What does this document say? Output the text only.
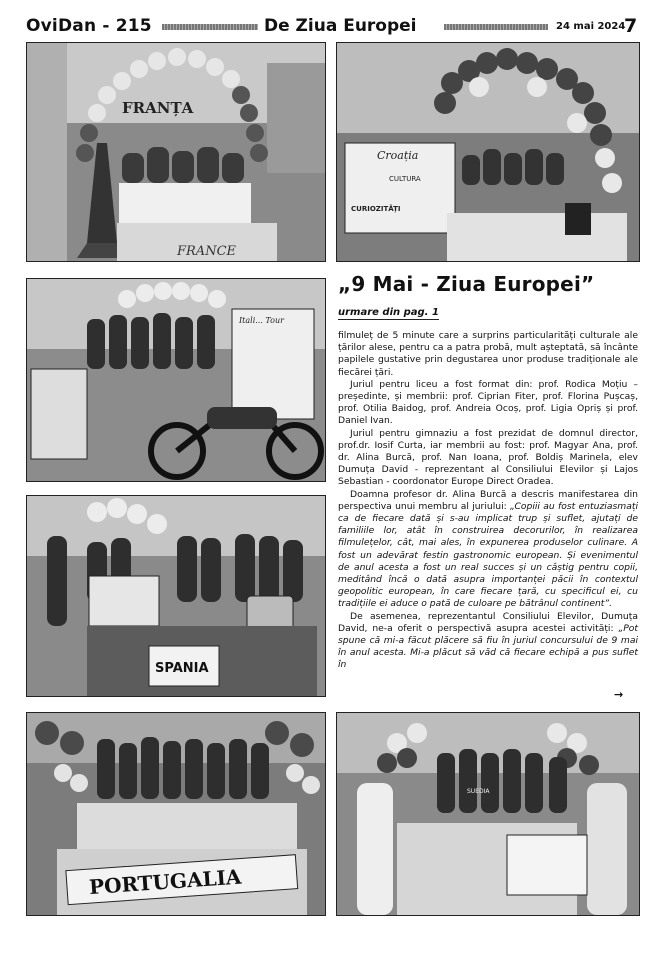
OviDan - 215	De Ziua Europei	24 mai 2024
7
FRANȚA
FRANCE
Croația
CULTURA
CURIOZITĂȚI
Itali... Tour
SPANIA
PORTUGALIA
SUEDIA
„9 Mai - Ziua Europei”
urmare din pag. 1

filmuleț de 5 minute care a surprins particularități culturale ale țărilor alese, pentru ca a patra probă, mult așteptată, să încânte papilele gustative prin degustarea unor produse tradiționale ale fiecărei țări.

Juriul pentru liceu a fost format din: prof. Rodica Moțiu – președinte, și membrii: prof. Ciprian Fiter, prof. Florina Pușcaș, prof. Otilia Baidog, prof. Andreia Ocoș, prof. Ligia Opriș și prof. Daniel Ivan.

Juriul pentru gimnaziu a fost prezidat de domnul director, prof.dr. Iosif Curta, iar membrii au fost: prof. Magyar Ana, prof. dr. Alina Burcă, prof. Nan Ioana, prof. Boldiș Marinela, elev Dumuța David - reprezentant al Consiliului Elevilor și Lajos Sebastian - coordonator Europe Direct Oradea.

Doamna profesor dr. Alina Burcă a descris manifestarea din perspectiva unui membru al juriului: „Copiii au fost entuziasmați ca de fiecare dată și s-au implicat trup și suflet, ajutați de familiile lor, atât în construirea decorurilor, în realizarea filmulețelor, cât, mai ales, în expunerea produselor culinare. A fost un adevărat festin gastronomic european. Și evenimentul de anul acesta a fost un real succes și un câștig pentru copii, meditând încă o dată asupra importanței păcii în contextul geopolitic european, în care fiecare țară, cu specificul ei, cu tradițiile ei aduce o pată de culoare pe bătrânul continent”.

De asemenea, reprezentantul Consiliului Elevilor, Dumuța David, ne-a oferit o perspectivă asupra acestei activități: „Pot spune că mi-a făcut plăcere să fiu în juriul concursului de 9 mai în anul acesta. Mi-a plăcut să văd că fiecare echipă a pus suflet în

→
